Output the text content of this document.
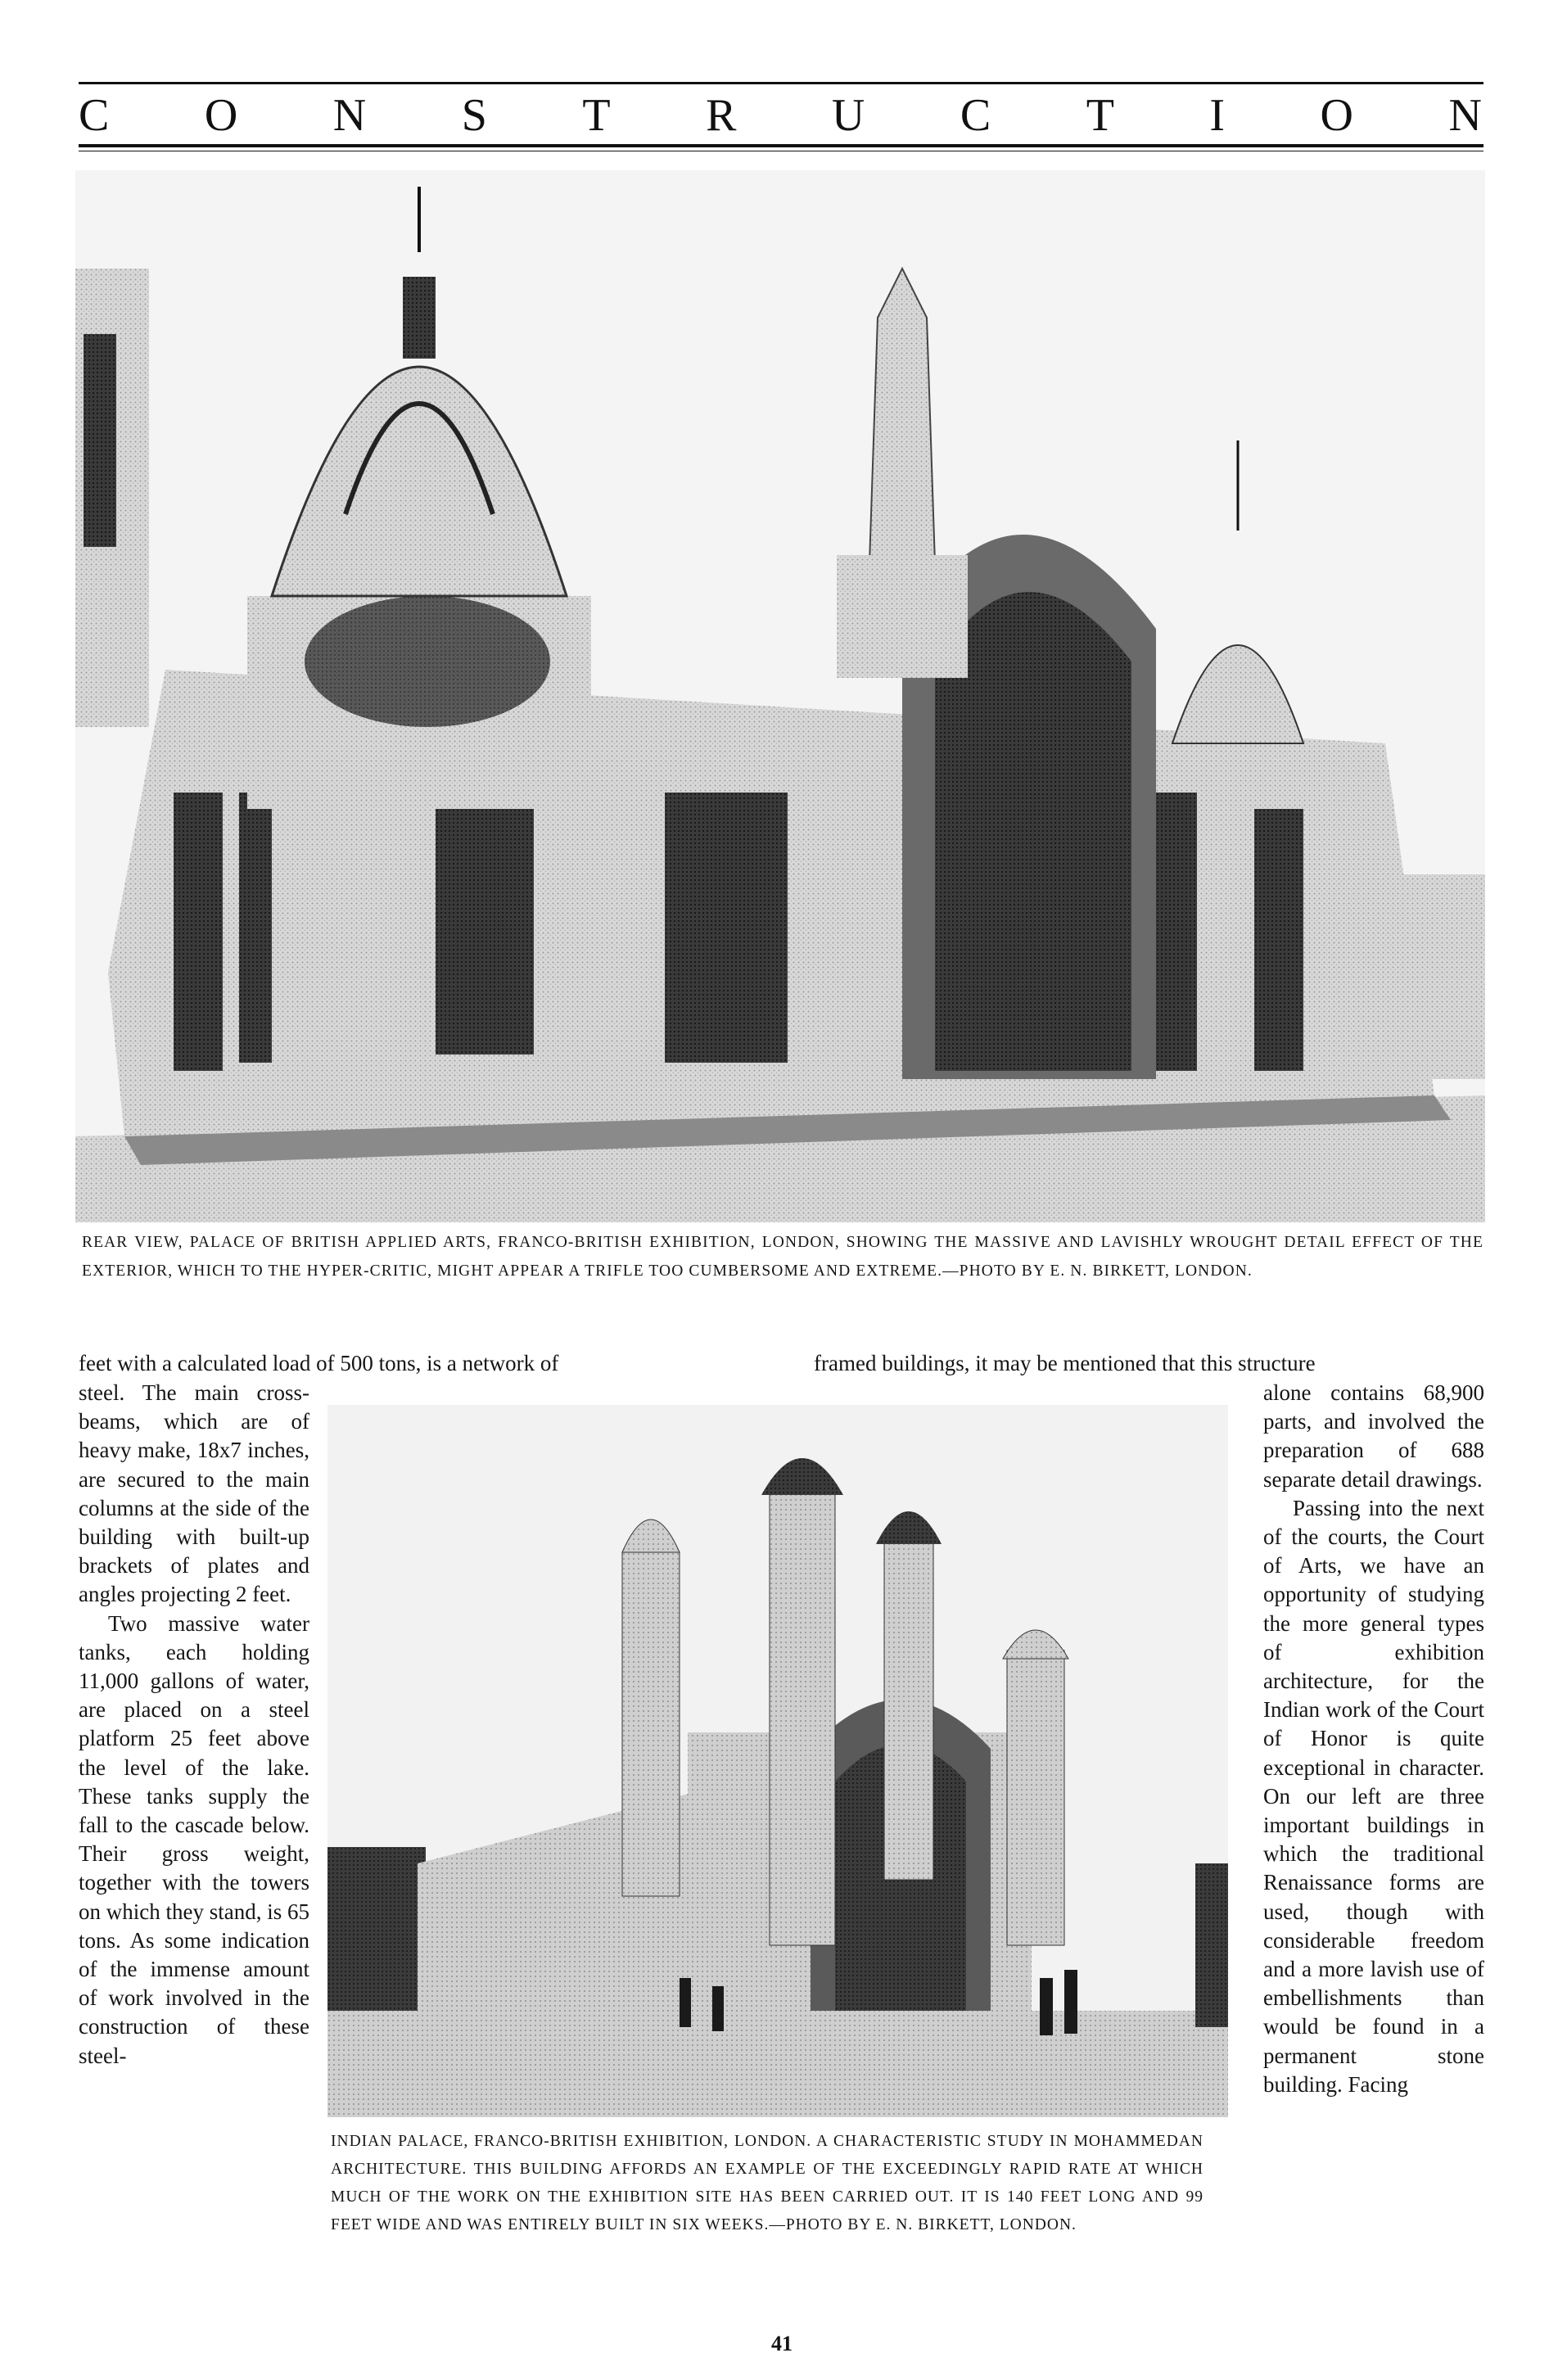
C O N S T R U C T I O N
REAR VIEW, PALACE OF BRITISH APPLIED ARTS, FRANCO-BRITISH EXHIBITION, LONDON, SHOWING THE MASSIVE AND LAVISHLY WROUGHT DETAIL EFFECT OF THE EXTERIOR, WHICH TO THE HYPER-CRITIC, MIGHT APPEAR A TRIFLE TOO CUMBERSOME AND EXTREME.—PHOTO BY E. N. BIRKETT, LONDON.

feet with a calculated load of 500 tons, is a network of

steel. The main cross-beams, which are of heavy make, 18x7 inches, are secured to the main columns at the side of the building with built-up brackets of plates and angles projecting 2 feet.

Two massive water tanks, each holding 11,000 gallons of water, are placed on a steel platform 25 feet above the level of the lake. These tanks supply the fall to the cascade below. Their gross weight, together with the towers on which they stand, is 65 tons. As some indication of the immense amount of work involved in the construction of these steel-

framed buildings, it may be mentioned that this structure

alone contains 68,900 parts, and involved the preparation of 688 separate detail drawings.

Passing into the next of the courts, the Court of Arts, we have an opportunity of studying the more general types of exhibition architecture, for the Indian work of the Court of Honor is quite exceptional in character. On our left are three important buildings in which the traditional Renaissance forms are used, though with considerable freedom and a more lavish use of embellishments than would be found in a permanent stone building. Facing

INDIAN PALACE, FRANCO-BRITISH EXHIBITION, LONDON. A CHARACTERISTIC STUDY IN MOHAMMEDAN ARCHITECTURE. THIS BUILDING AFFORDS AN EXAMPLE OF THE EXCEEDINGLY RAPID RATE AT WHICH MUCH OF THE WORK ON THE EXHIBITION SITE HAS BEEN CARRIED OUT. IT IS 140 FEET LONG AND 99 FEET WIDE AND WAS ENTIRELY BUILT IN SIX WEEKS.—PHOTO BY E. N. BIRKETT, LONDON.
41
